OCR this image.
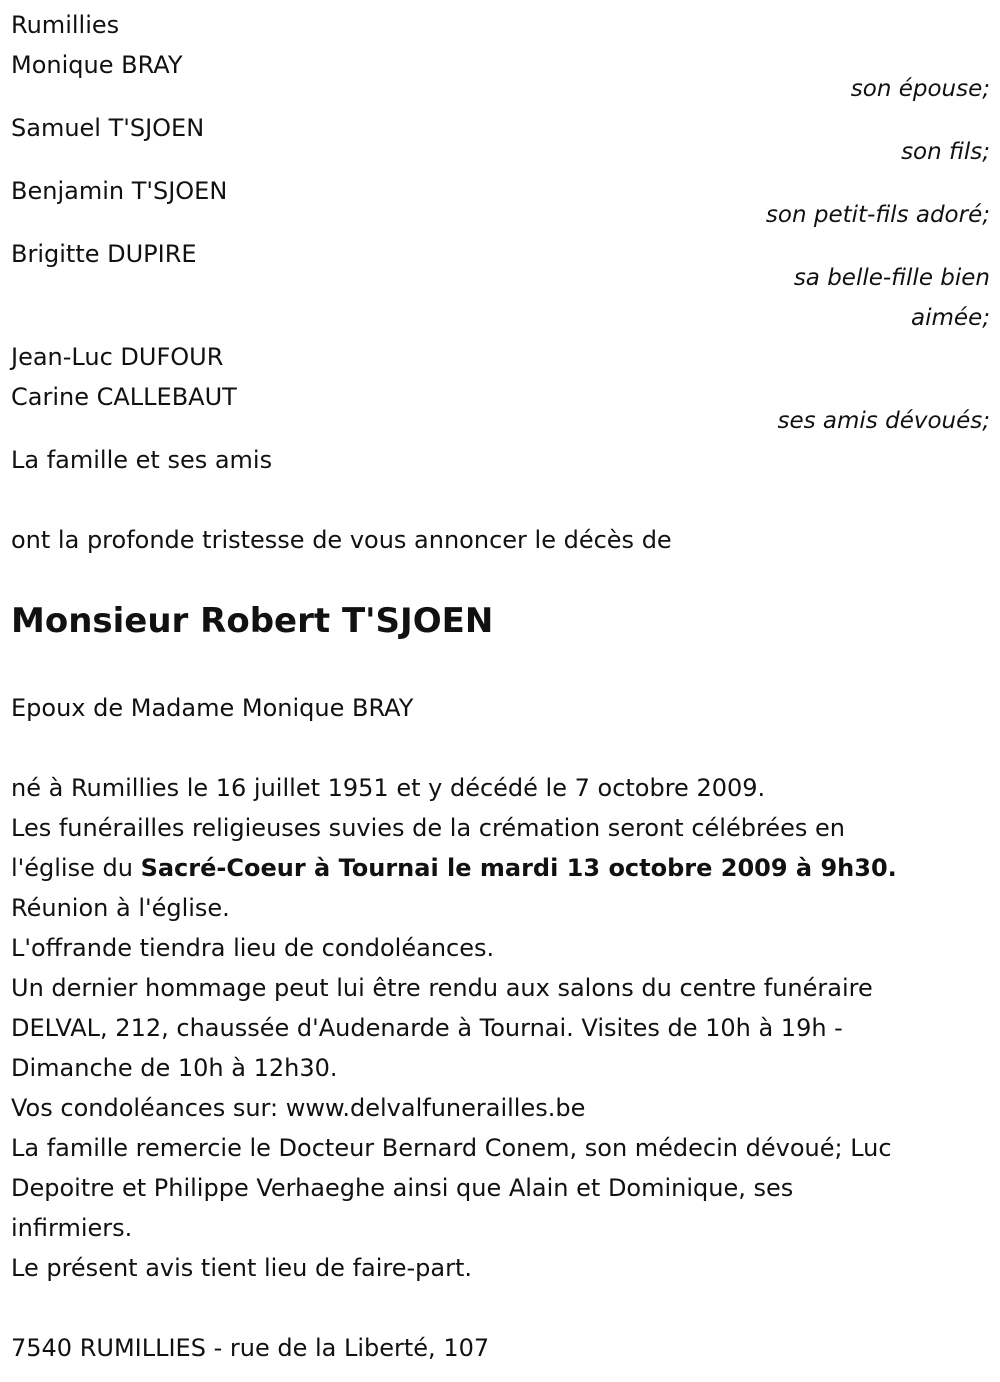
Rumillies

Monique BRAY

son épouse;

Samuel T'SJOEN

son fils;

Benjamin T'SJOEN

son petit-fils adoré;

Brigitte DUPIRE

sa belle-fille bien

aimée;

Jean-Luc DUFOUR

Carine CALLEBAUT

ses amis dévoués;

La famille et ses amis

ont la profonde tristesse de vous annoncer le décès de

Monsieur Robert T'SJOEN

Epoux de Madame Monique BRAY

né à Rumillies le 16 juillet 1951 et y décédé le 7 octobre 2009.

Les funérailles religieuses suvies de la crémation seront célébrées en

l'église du Sacré-Coeur à Tournai le mardi 13 octobre 2009 à 9h30.

Réunion à l'église.

L'offrande tiendra lieu de condoléances.

Un dernier hommage peut lui être rendu aux salons du centre funéraire

DELVAL, 212, chaussée d'Audenarde à Tournai. Visites de 10h à 19h -

Dimanche de 10h à 12h30.

Vos condoléances sur: www.delvalfunerailles.be

La famille remercie le Docteur Bernard Conem, son médecin dévoué; Luc

Depoitre et Philippe Verhaeghe ainsi que Alain et Dominique, ses

infirmiers.

Le présent avis tient lieu de faire-part.

7540 RUMILLIES - rue de la Liberté, 107
